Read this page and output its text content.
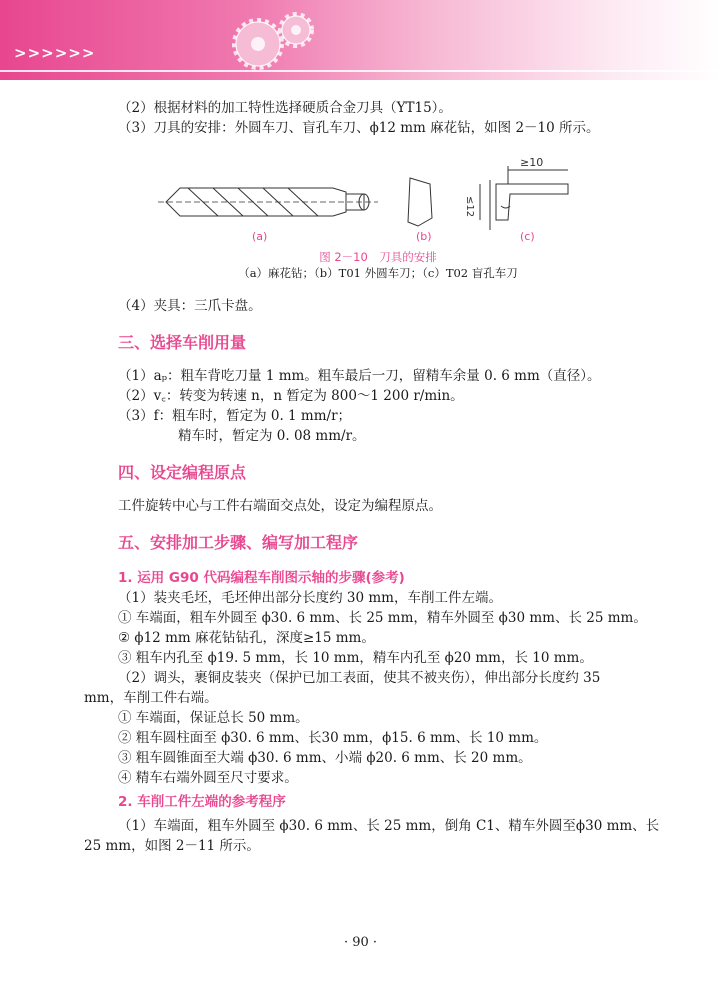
>>>>>>

（2）根据材料的加工特性选择硬质合金刀具（YT15）。

（3）刀具的安排：外圆车刀、盲孔车刀、ϕ12 mm 麻花钻，如图 2－10 所示。

≥10
≤12
(a)	(b)	(c)

图 2－10　刀具的安排

（a）麻花钻；（b）T01 外圆车刀；（c）T02 盲孔车刀

（4）夹具：三爪卡盘。

三、选择车削用量

（1）aₚ：粗车背吃刀量 1 mm。粗车最后一刀，留精车余量 0. 6 mm（直径）。

（2）v꜀：转变为转速 n，n 暂定为 800～1 200 r/min。

（3）f：粗车时，暂定为 0. 1 mm/r；

精车时，暂定为 0. 08 mm/r。

四、设定编程原点

工件旋转中心与工件右端面交点处，设定为编程原点。

五、安排加工步骤、编写加工程序

1. 运用 G90 代码编程车削图示轴的步骤(参考)

（1）装夹毛坯，毛坯伸出部分长度约 30 mm，车削工件左端。

① 车端面，粗车外圆至 ϕ30. 6 mm、长 25 mm，精车外圆至 ϕ30 mm、长 25 mm。

② ϕ12 mm 麻花钻钻孔，深度≥15 mm。

③ 粗车内孔至 ϕ19. 5 mm，长 10 mm，精车内孔至 ϕ20 mm，长 10 mm。

（2）调头，裹铜皮装夹（保护已加工表面，使其不被夹伤），伸出部分长度约 35

mm，车削工件右端。

① 车端面，保证总长 50 mm。

② 粗车圆柱面至 ϕ30. 6 mm、长30 mm，ϕ15. 6 mm、长 10 mm。

③ 粗车圆锥面至大端 ϕ30. 6 mm、小端 ϕ20. 6 mm、长 20 mm。

④ 精车右端外圆至尺寸要求。

2. 车削工件左端的参考程序

（1）车端面，粗车外圆至 ϕ30. 6 mm、长 25 mm，倒角 C1、精车外圆至ϕ30 mm、长

25 mm，如图 2－11 所示。

· 90 ·
